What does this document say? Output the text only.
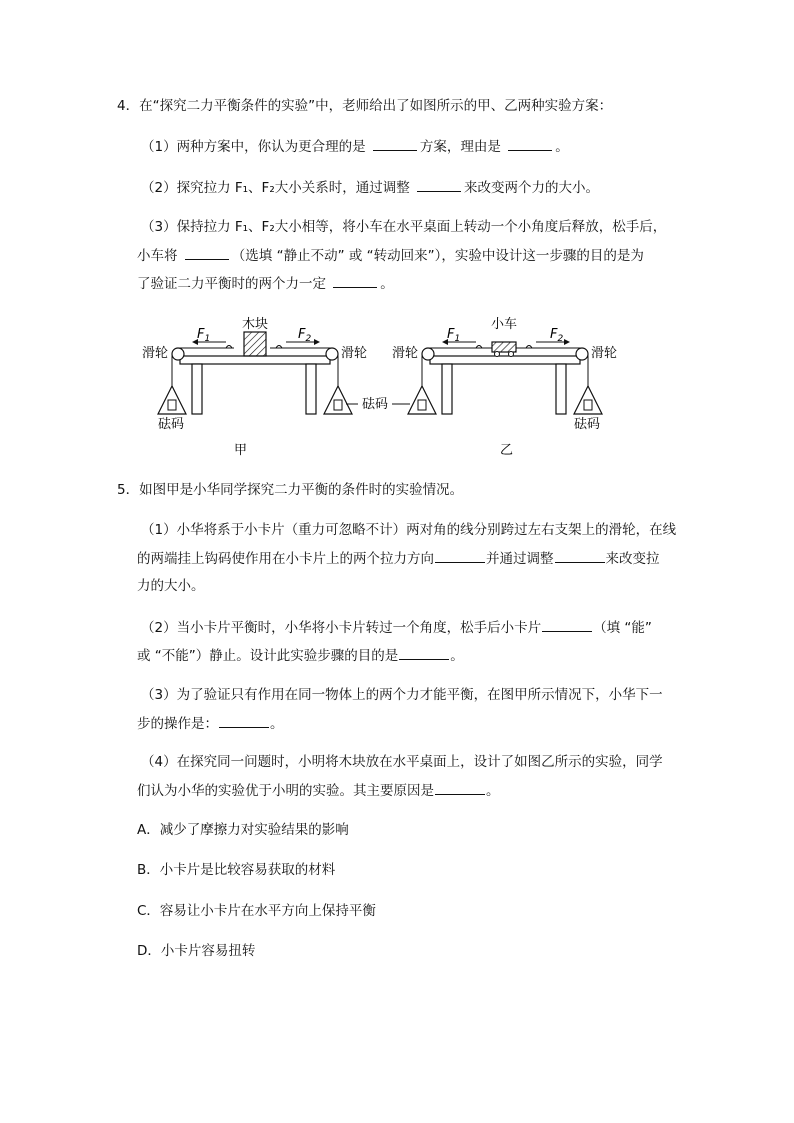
4．在“探究二力平衡条件的实验”中，老师给出了如图所示的甲、乙两种实验方案：
（1）两种方案中，你认为更合理的是	方案，理由是	。
（2）探究拉力 F₁、F₂大小关系时，通过调整	来改变两个力的大小。
（3）保持拉力 F₁、F₂大小相等，将小车在水平桌面上转动一个小角度后释放，松手后，
小车将	（选填 “静止不动” 或 “转动回来”），实验中设计这一步骤的目的是为
了验证二力平衡时的两个力一定	。
木块
$F_1$	$F_2$
滑轮	滑轮
砝码
甲
砝码
小车
$F_1$	$F_2$
滑轮	滑轮
砝码
乙
5．如图甲是小华同学探究二力平衡的条件时的实验情况。
（1）小华将系于小卡片（重力可忽略不计）两对角的线分别跨过左右支架上的滑轮，在线
的两端挂上钩码使作用在小卡片上的两个拉力方向	并通过调整	来改变拉
力的大小。
（2）当小卡片平衡时，小华将小卡片转过一个角度，松手后小卡片	（填 “能”
或 “不能”）静止。设计此实验步骤的目的是	。
（3）为了验证只有作用在同一物体上的两个力才能平衡，在图甲所示情况下，小华下一
步的操作是：	。
（4）在探究同一问题时，小明将木块放在水平桌面上，设计了如图乙所示的实验，同学
们认为小华的实验优于小明的实验。其主要原因是	。
A．减少了摩擦力对实验结果的影响
B．小卡片是比较容易获取的材料
C．容易让小卡片在水平方向上保持平衡
D．小卡片容易扭转
